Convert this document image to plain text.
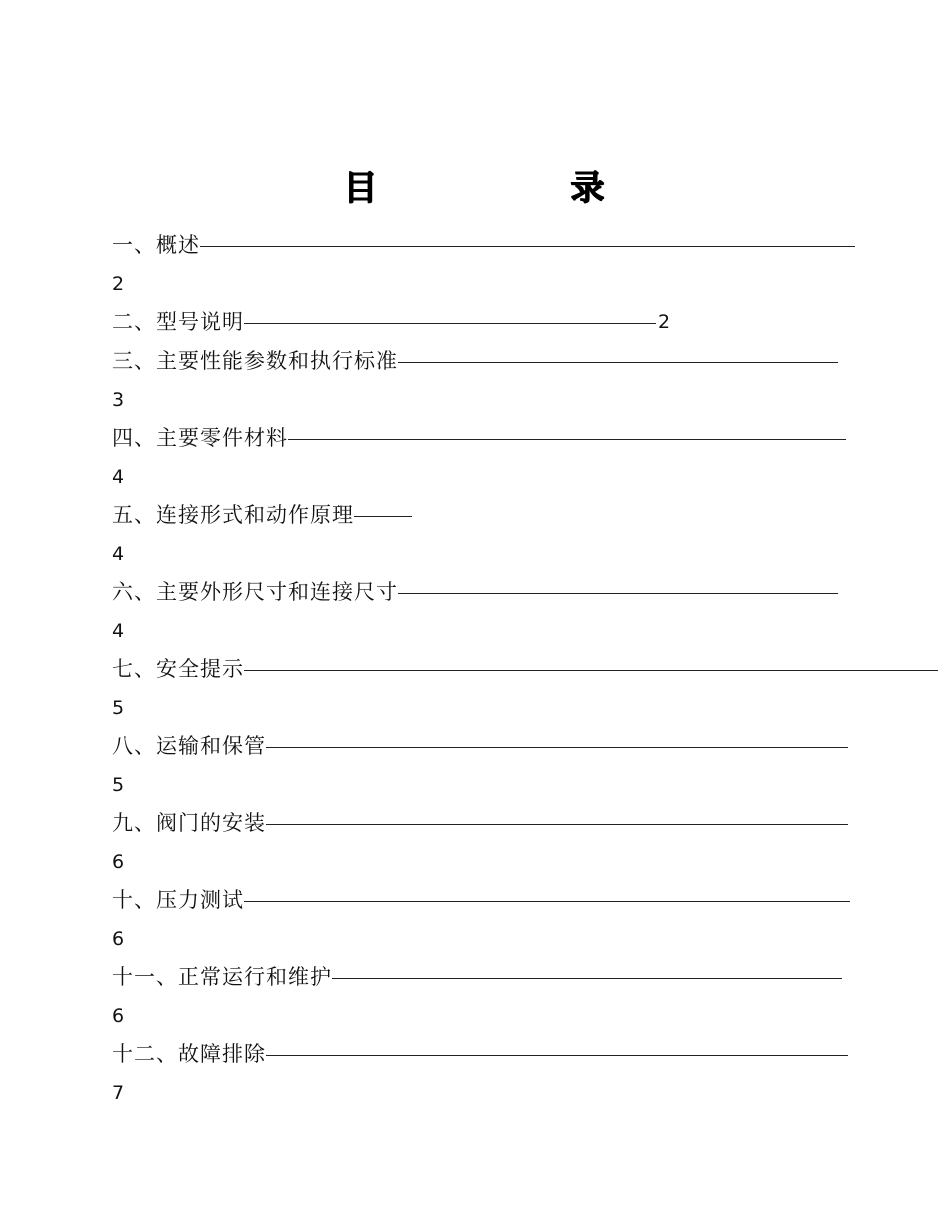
目	录
一、概述
2
二、型号说明	2
三、主要性能参数和执行标准
3
四、主要零件材料
4
五、连接形式和动作原理
4
六、主要外形尺寸和连接尺寸
4
七、安全提示
5
八、运输和保管
5
九、阀门的安装
6
十、压力测试
6
十一、正常运行和维护
6
十二、故障排除
7
